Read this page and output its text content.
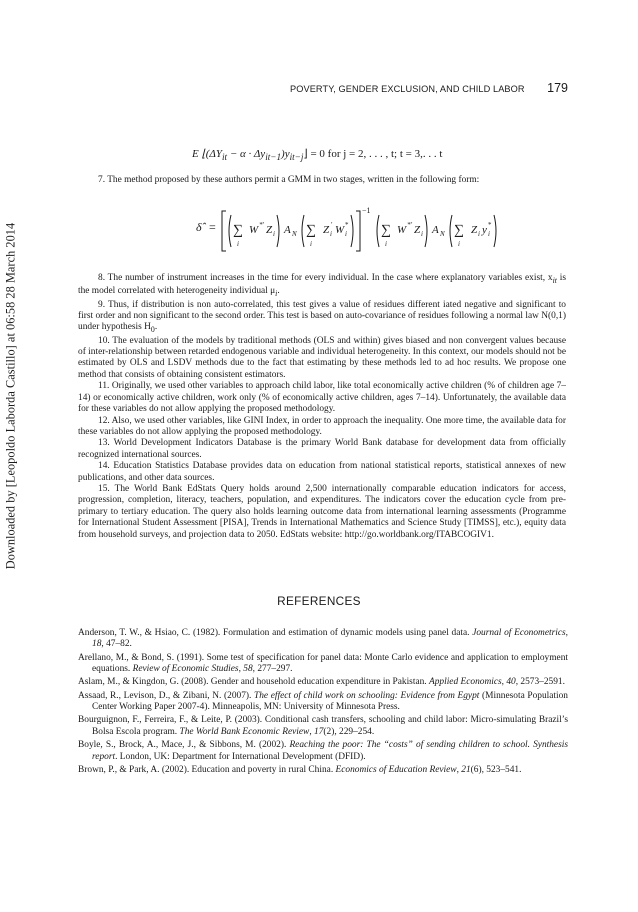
Downloaded by [Leopoldo Laborda Castillo] at 06:58 28 March 2014
POVERTY, GENDER EXCLUSION, AND CHILD LABOR 179
E $⌊(\Delta Y_{it} - \alpha$ · $\Delta y_{it-1})y_{it-j}⌋ = 0$ for j = 2, . . . , t; t = 3,. . . t
7. The method proposed by these authors permit a GMM in two stages, written in the following form:
δ̂ = ∑
i
W *′ Z i A N ∑
i
Z i
′ W i
*
−1
∑
i
W *′ Z i A N ∑
i
Z i y i
*

8. The number of instrument increases in the time for every individual. In the case where explanatory variables exist, $x_{it}$ is the model correlated with heterogeneity individual $\mu_i$.

9. Thus, if distribution is non auto-correlated, this test gives a value of residues different iated negative and significant to first order and non significant to the second order. This test is based on auto-covariance of residues following a normal law N(0,1) under hypothesis $H_0$.

10. The evaluation of the models by traditional methods (OLS and within) gives biased and non convergent values because of inter-relationship between retarded endogenous variable and individual heterogeneity. In this context, our models should not be estimated by OLS and LSDV methods due to the fact that estimating by these methods led to ad hoc results. We propose one method that consists of obtaining consistent estimators.

11. Originally, we used other variables to approach child labor, like total economically active children (% of children age 7–14) or economically active children, work only (% of economically active children, ages 7–14). Unfortunately, the available data for these variables do not allow applying the proposed methodology.

12. Also, we used other variables, like GINI Index, in order to approach the inequality. One more time, the available data for these variables do not allow applying the proposed methodology.

13. World Development Indicators Database is the primary World Bank database for development data from officially recognized international sources.

14. Education Statistics Database provides data on education from national statistical reports, statistical annexes of new publications, and other data sources.

15. The World Bank EdStats Query holds around 2,500 internationally comparable education indicators for access, progression, completion, literacy, teachers, population, and expenditures. The indicators cover the education cycle from pre-primary to tertiary education. The query also holds learning outcome data from international learning assessments (Programme for International Student Assessment [PISA], Trends in International Mathematics and Science Study [TIMSS], etc.), equity data from household surveys, and projection data to 2050. EdStats website: http://go.worldbank.org/ITABCOGIV1.

REFERENCES

Anderson, T. W., & Hsiao, C. (1982). Formulation and estimation of dynamic models using panel data. Journal of Econometrics, 18, 47–82.

Arellano, M., & Bond, S. (1991). Some test of specification for panel data: Monte Carlo evidence and application to employment equations. Review of Economic Studies, 58, 277–297.

Aslam, M., & Kingdon, G. (2008). Gender and household education expenditure in Pakistan. Applied Economics, 40, 2573–2591.

Assaad, R., Levison, D., & Zibani, N. (2007). The effect of child work on schooling: Evidence from Egypt (Minnesota Population Center Working Paper 2007-4). Minneapolis, MN: University of Minnesota Press.

Bourguignon, F., Ferreira, F., & Leite, P. (2003). Conditional cash transfers, schooling and child labor: Micro-simulating Brazil’s Bolsa Escola program. The World Bank Economic Review, 17(2), 229–254.

Boyle, S., Brock, A., Mace, J., & Sibbons, M. (2002). Reaching the poor: The “costs” of sending children to school. Synthesis report. London, UK: Department for International Development (DFID).

Brown, P., & Park, A. (2002). Education and poverty in rural China. Economics of Education Review, 21(6), 523–541.
